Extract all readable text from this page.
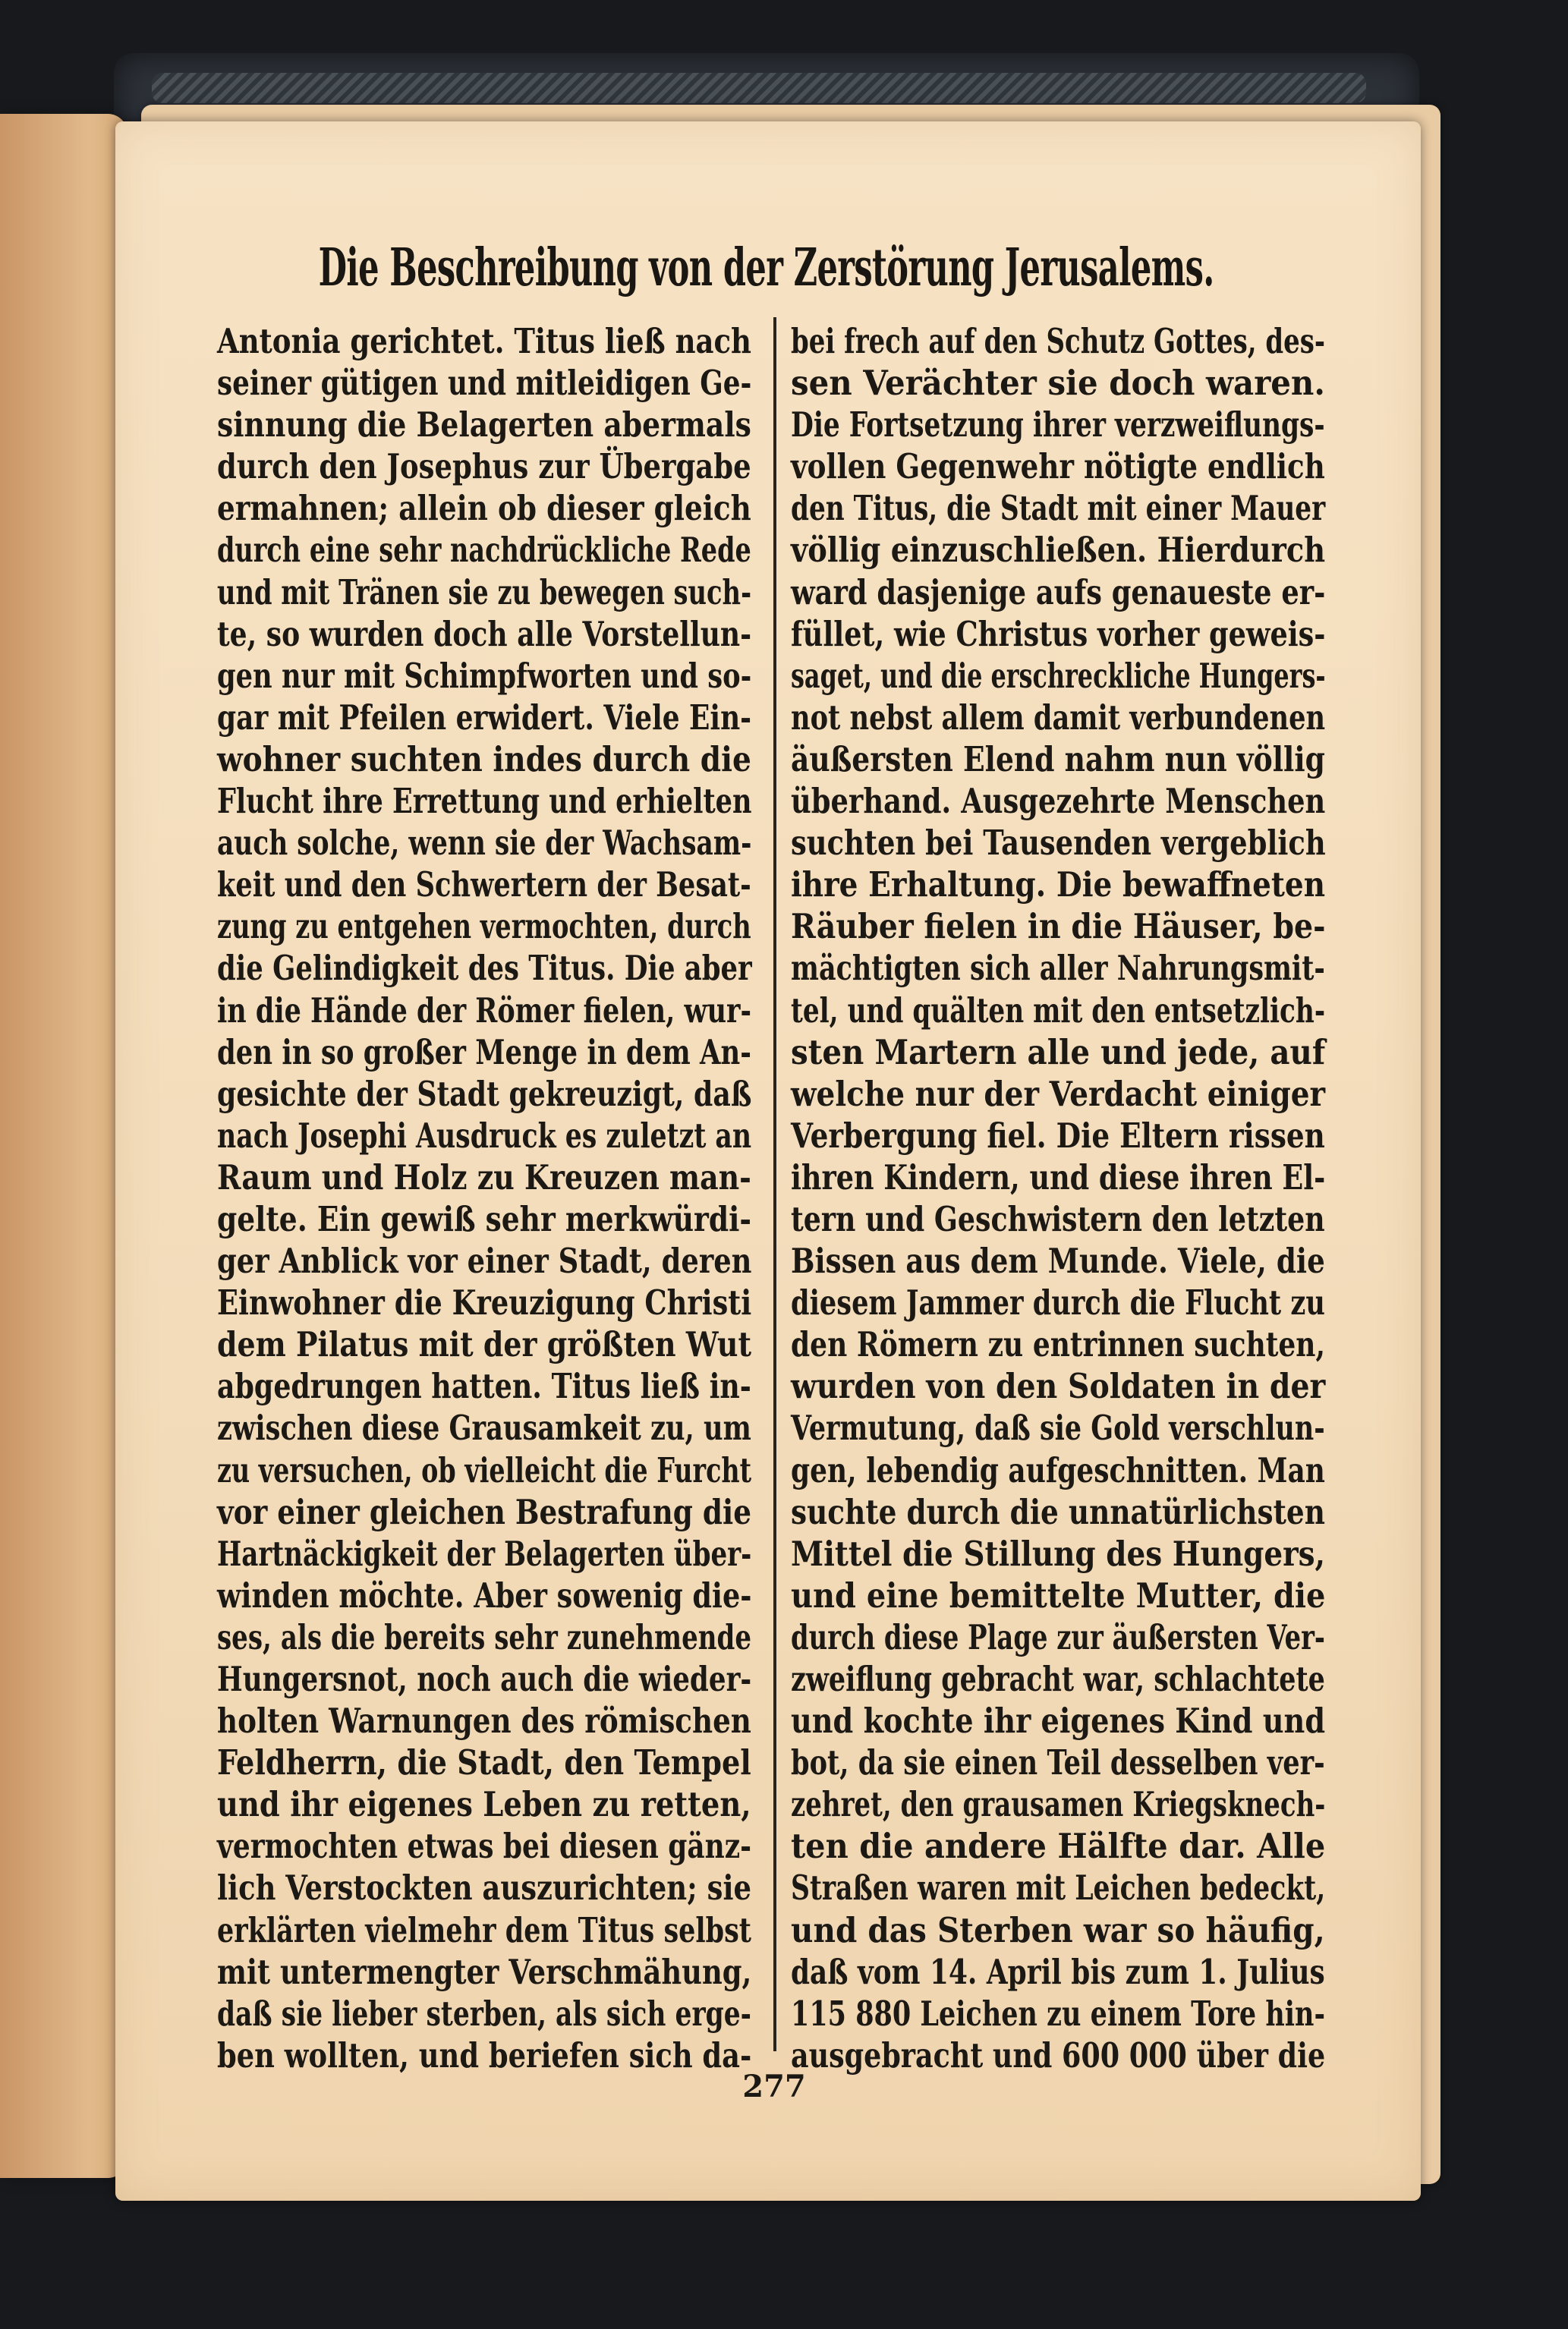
Die Beschreibung von der Zerstörung Jerusalems.
Antonia gerichtet. Titus ließ nach
seiner gütigen und mitleidigen Ge-
sinnung die Belagerten abermals
durch den Josephus zur Übergabe
ermahnen; allein ob dieser gleich
durch eine sehr nachdrückliche Rede
und mit Tränen sie zu bewegen such-
te, so wurden doch alle Vorstellun-
gen nur mit Schimpfworten und so-
gar mit Pfeilen erwidert. Viele Ein-
wohner suchten indes durch die
Flucht ihre Errettung und erhielten
auch solche, wenn sie der Wachsam-
keit und den Schwertern der Besat-
zung zu entgehen vermochten, durch
die Gelindigkeit des Titus. Die aber
in die Hände der Römer fielen, wur-
den in so großer Menge in dem An-
gesichte der Stadt gekreuzigt, daß
nach Josephi Ausdruck es zuletzt an
Raum und Holz zu Kreuzen man-
gelte. Ein gewiß sehr merkwürdi-
ger Anblick vor einer Stadt, deren
Einwohner die Kreuzigung Christi
dem Pilatus mit der größten Wut
abgedrungen hatten. Titus ließ in-
zwischen diese Grausamkeit zu, um
zu versuchen, ob vielleicht die Furcht
vor einer gleichen Bestrafung die
Hartnäckigkeit der Belagerten über-
winden möchte. Aber sowenig die-
ses, als die bereits sehr zunehmende
Hungersnot, noch auch die wieder-
holten Warnungen des römischen
Feldherrn, die Stadt, den Tempel
und ihr eigenes Leben zu retten,
vermochten etwas bei diesen gänz-
lich Verstockten auszurichten; sie
erklärten vielmehr dem Titus selbst
mit untermengter Verschmähung,
daß sie lieber sterben, als sich erge-
ben wollten, und beriefen sich da-
bei frech auf den Schutz Gottes, des-
sen Verächter sie doch waren.
Die Fortsetzung ihrer verzweiflungs-
vollen Gegenwehr nötigte endlich
den Titus, die Stadt mit einer Mauer
völlig einzuschließen. Hierdurch
ward dasjenige aufs genaueste er-
füllet, wie Christus vorher geweis-
saget, und die erschreckliche Hungers-
not nebst allem damit verbundenen
äußersten Elend nahm nun völlig
überhand. Ausgezehrte Menschen
suchten bei Tausenden vergeblich
ihre Erhaltung. Die bewaffneten
Räuber fielen in die Häuser, be-
mächtigten sich aller Nahrungsmit-
tel, und quälten mit den entsetzlich-
sten Martern alle und jede, auf
welche nur der Verdacht einiger
Verbergung fiel. Die Eltern rissen
ihren Kindern, und diese ihren El-
tern und Geschwistern den letzten
Bissen aus dem Munde. Viele, die
diesem Jammer durch die Flucht zu
den Römern zu entrinnen suchten,
wurden von den Soldaten in der
Vermutung, daß sie Gold verschlun-
gen, lebendig aufgeschnitten. Man
suchte durch die unnatürlichsten
Mittel die Stillung des Hungers,
und eine bemittelte Mutter, die
durch diese Plage zur äußersten Ver-
zweiflung gebracht war, schlachtete
und kochte ihr eigenes Kind und
bot, da sie einen Teil desselben ver-
zehret, den grausamen Kriegsknech-
ten die andere Hälfte dar. Alle
Straßen waren mit Leichen bedeckt,
und das Sterben war so häufig,
daß vom 14. April bis zum 1. Julius
115 880 Leichen zu einem Tore hin-
ausgebracht und 600 000 über die
277
